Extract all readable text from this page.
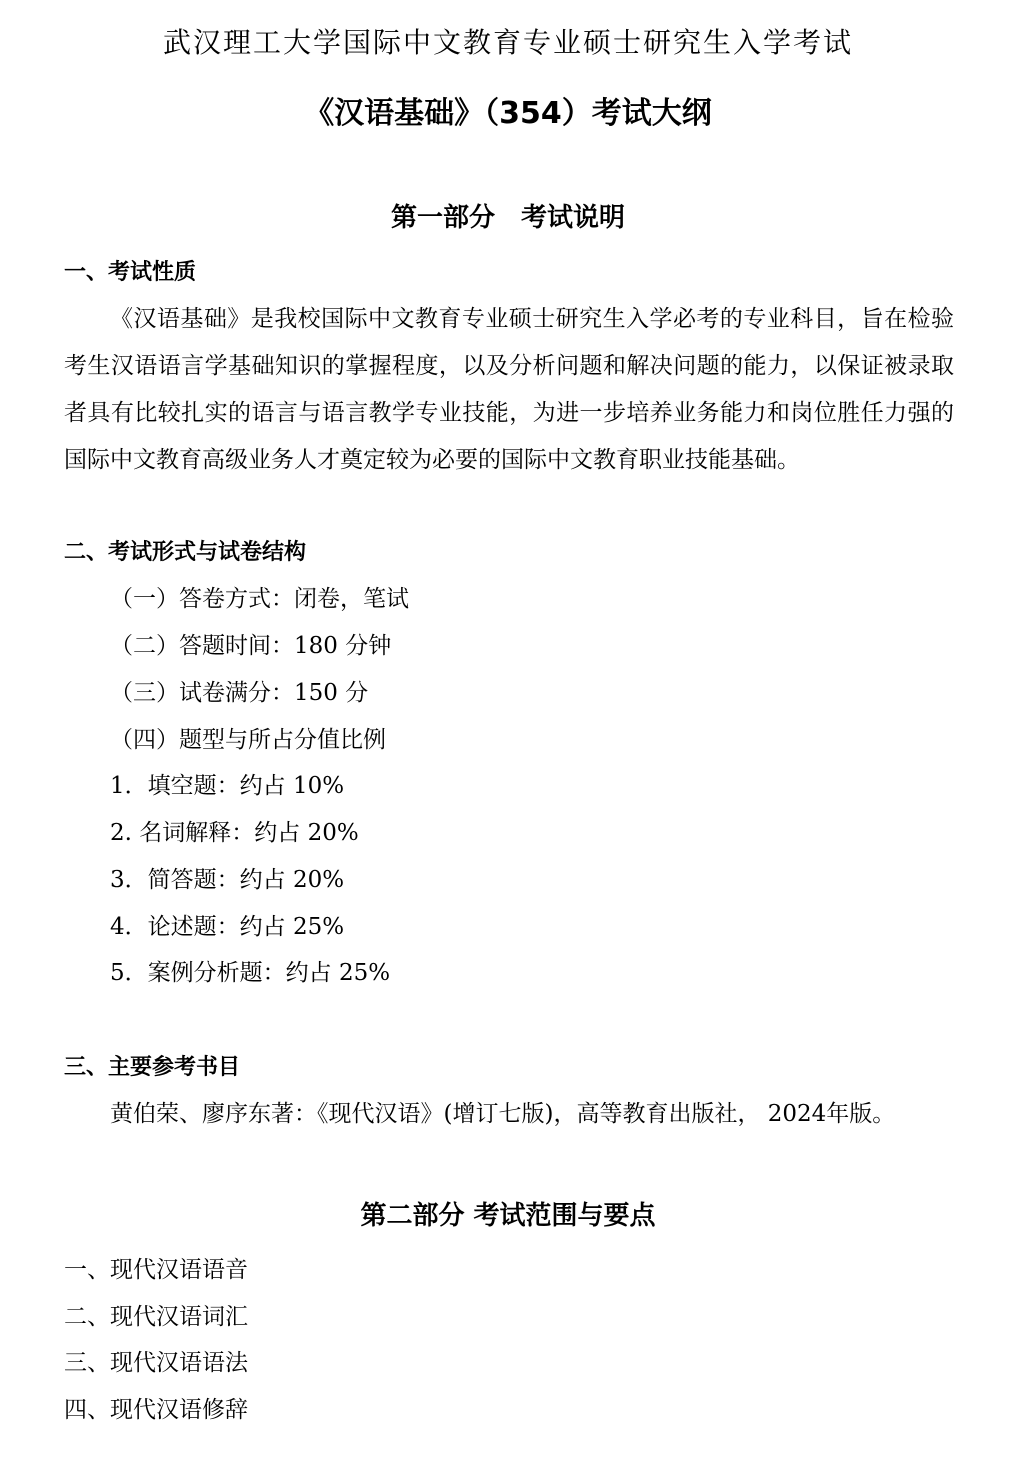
武汉理工大学国际中文教育专业硕士研究生入学考试
《汉语基础》（354）考试大纲
第一部分　考试说明
一、考试性质
《汉语基础》是我校国际中文教育专业硕士研究生入学必考的专业科目，旨在检验考生汉语语言学基础知识的掌握程度，以及分析问题和解决问题的能力，以保证被录取者具有比较扎实的语言与语言教学专业技能，为进一步培养业务能力和岗位胜任力强的国际中文教育高级业务人才奠定较为必要的国际中文教育职业技能基础。
二、考试形式与试卷结构
（一）答卷方式：闭卷，笔试
（二）答题时间：180 分钟
（三）试卷满分：150 分
（四）题型与所占分值比例
1．填空题：约占 10%
2. 名词解释：约占 20%
3．简答题：约占 20%
4．论述题：约占 25%
5．案例分析题：约占 25%
三、主要参考书目
黄伯荣、廖序东著：《现代汉语》(增订七版)，高等教育出版社， 2024年版。
第二部分 考试范围与要点
一、现代汉语语音
二、现代汉语词汇
三、现代汉语语法
四、现代汉语修辞
